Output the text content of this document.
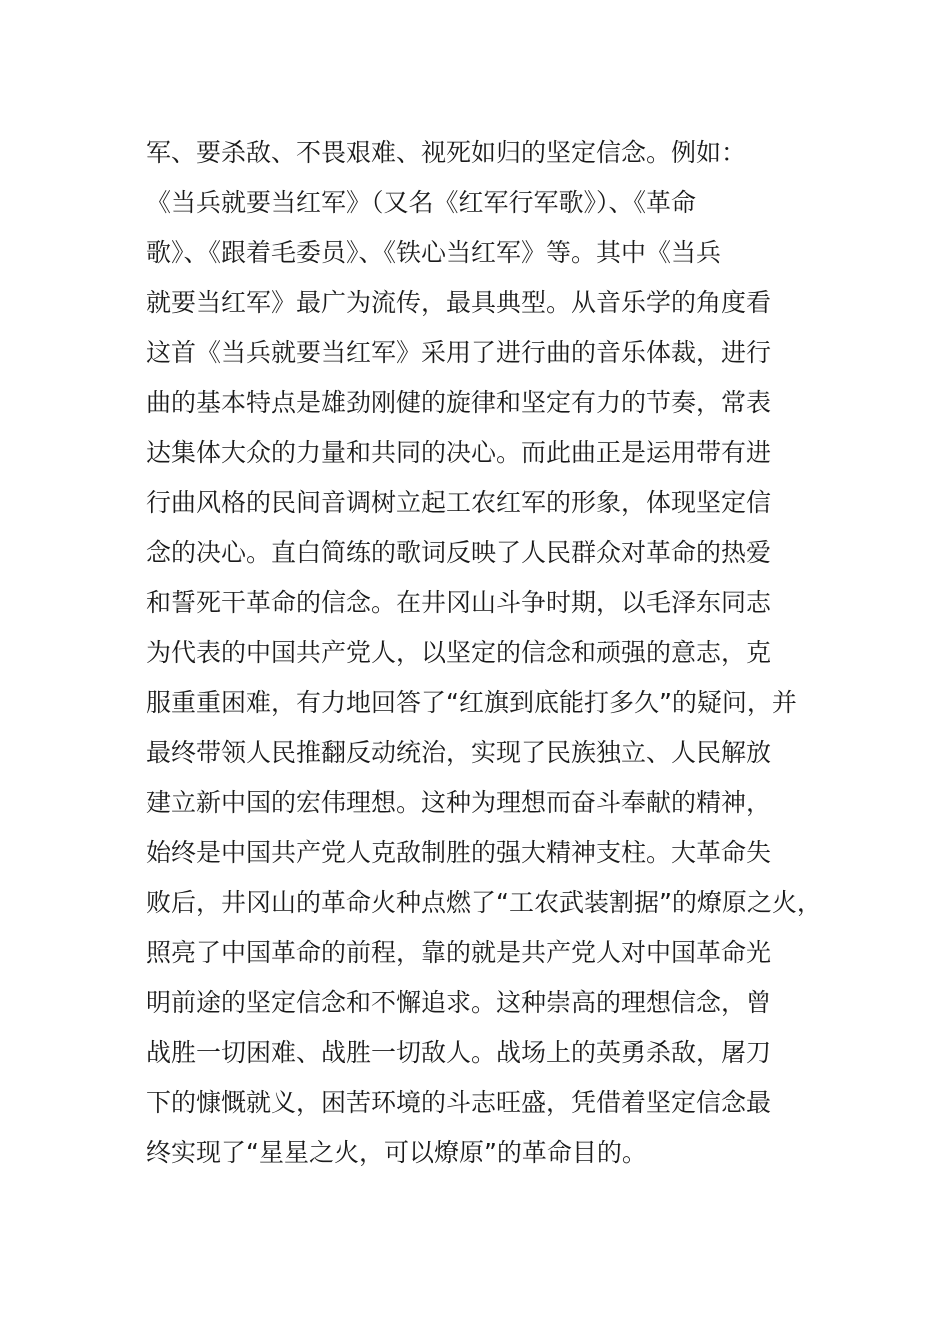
军、要杀敌、不畏艰难、视死如归的坚定信念。例如：
《当兵就要当红军》（又名《红军行军歌》）、《革命
歌》、《跟着毛委员》、《铁心当红军》等。其中《当兵
就要当红军》最广为流传，最具典型。从音乐学的角度看
这首《当兵就要当红军》采用了进行曲的音乐体裁，进行
曲的基本特点是雄劲刚健的旋律和坚定有力的节奏，常表
达集体大众的力量和共同的决心。而此曲正是运用带有进
行曲风格的民间音调树立起工农红军的形象，体现坚定信
念的决心。直白简练的歌词反映了人民群众对革命的热爱
和誓死干革命的信念。在井冈山斗争时期，以毛泽东同志
为代表的中国共产党人，以坚定的信念和顽强的意志，克
服重重困难，有力地回答了“红旗到底能打多久”的疑问，并
最终带领人民推翻反动统治，实现了民族独立、人民解放
建立新中国的宏伟理想。这种为理想而奋斗奉献的精神，
始终是中国共产党人克敌制胜的强大精神支柱。大革命失
败后，井冈山的革命火种点燃了“工农武装割据”的燎原之火，
照亮了中国革命的前程，靠的就是共产党人对中国革命光
明前途的坚定信念和不懈追求。这种崇高的理想信念，曾
战胜一切困难、战胜一切敌人。战场上的英勇杀敌，屠刀
下的慷慨就义，困苦环境的斗志旺盛，凭借着坚定信念最
终实现了“星星之火，可以燎原”的革命目的。
